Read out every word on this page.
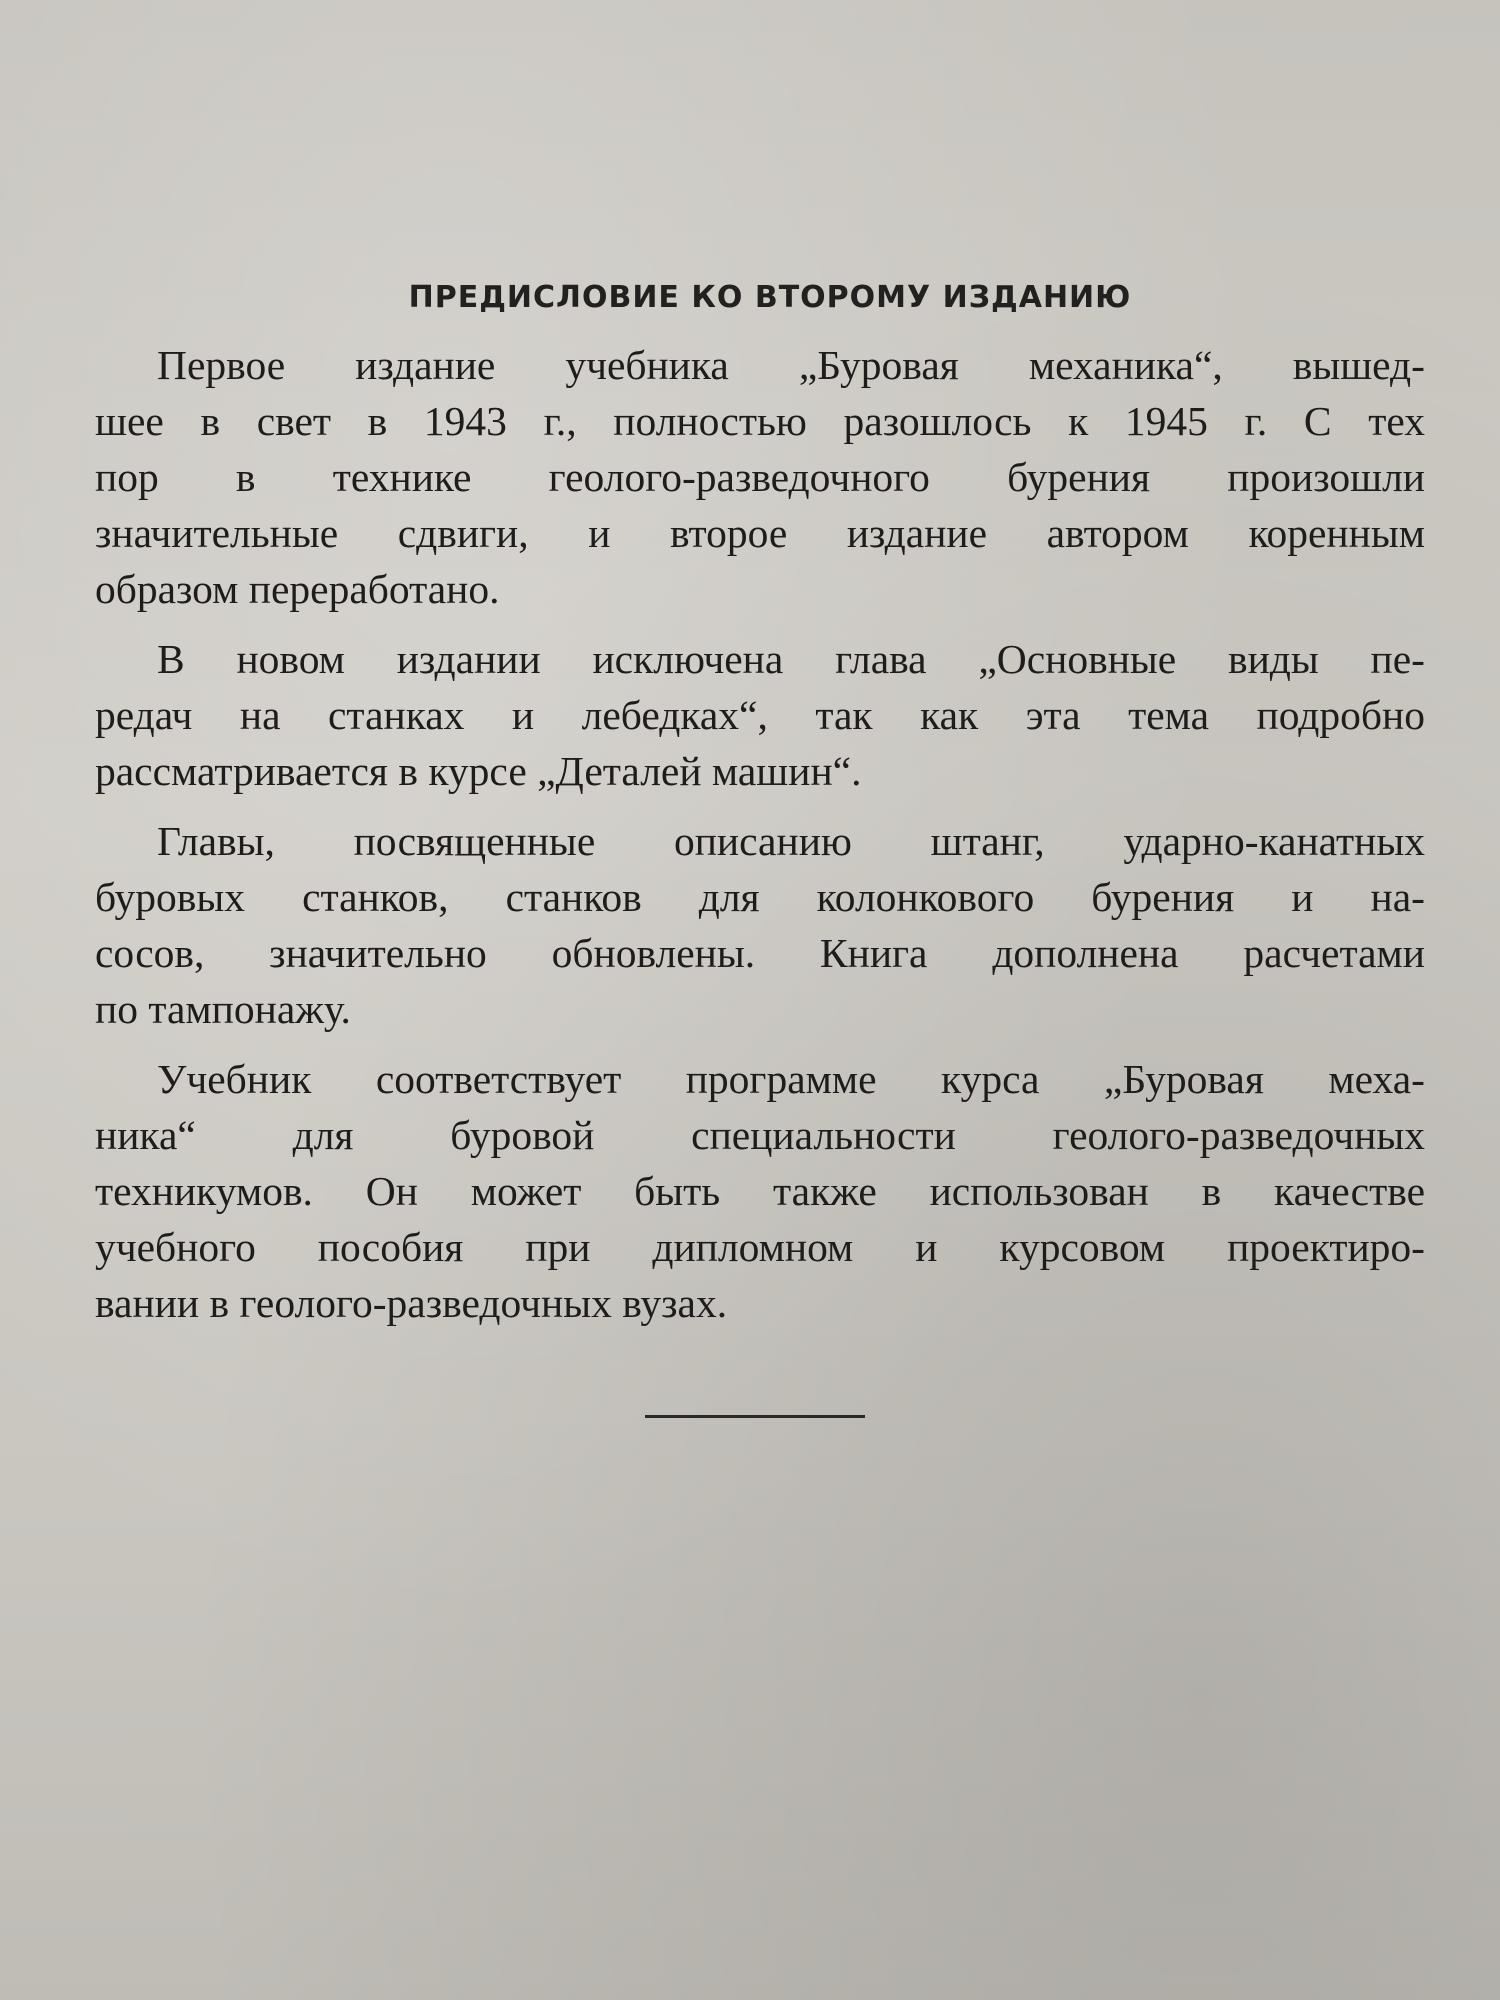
ПРЕДИСЛОВИЕ КО ВТОРОМУ ИЗДАНИЮ
Первое издание учебника „Буровая механика“, вышед-
шее в свет в 1943 г., полностью разошлось к 1945 г. С тех
пор в технике геолого-разведочного бурения произошли
значительные сдвиги, и второе издание автором коренным
образом переработано.
В новом издании исключена глава „Основные виды пе-
редач на станках и лебедках“, так как эта тема подробно
рассматривается в курсе „Деталей машин“.
Главы, посвященные описанию штанг, ударно-канатных
буровых станков, станков для колонкового бурения и на-
сосов, значительно обновлены. Книга дополнена расчетами
по тампонажу.
Учебник соответствует программе курса „Буровая меха-
ника“ для буровой специальности геолого-разведочных
техникумов. Он может быть также использован в качестве
учебного пособия при дипломном и курсовом проектиро-
вании в геолого-разведочных вузах.
